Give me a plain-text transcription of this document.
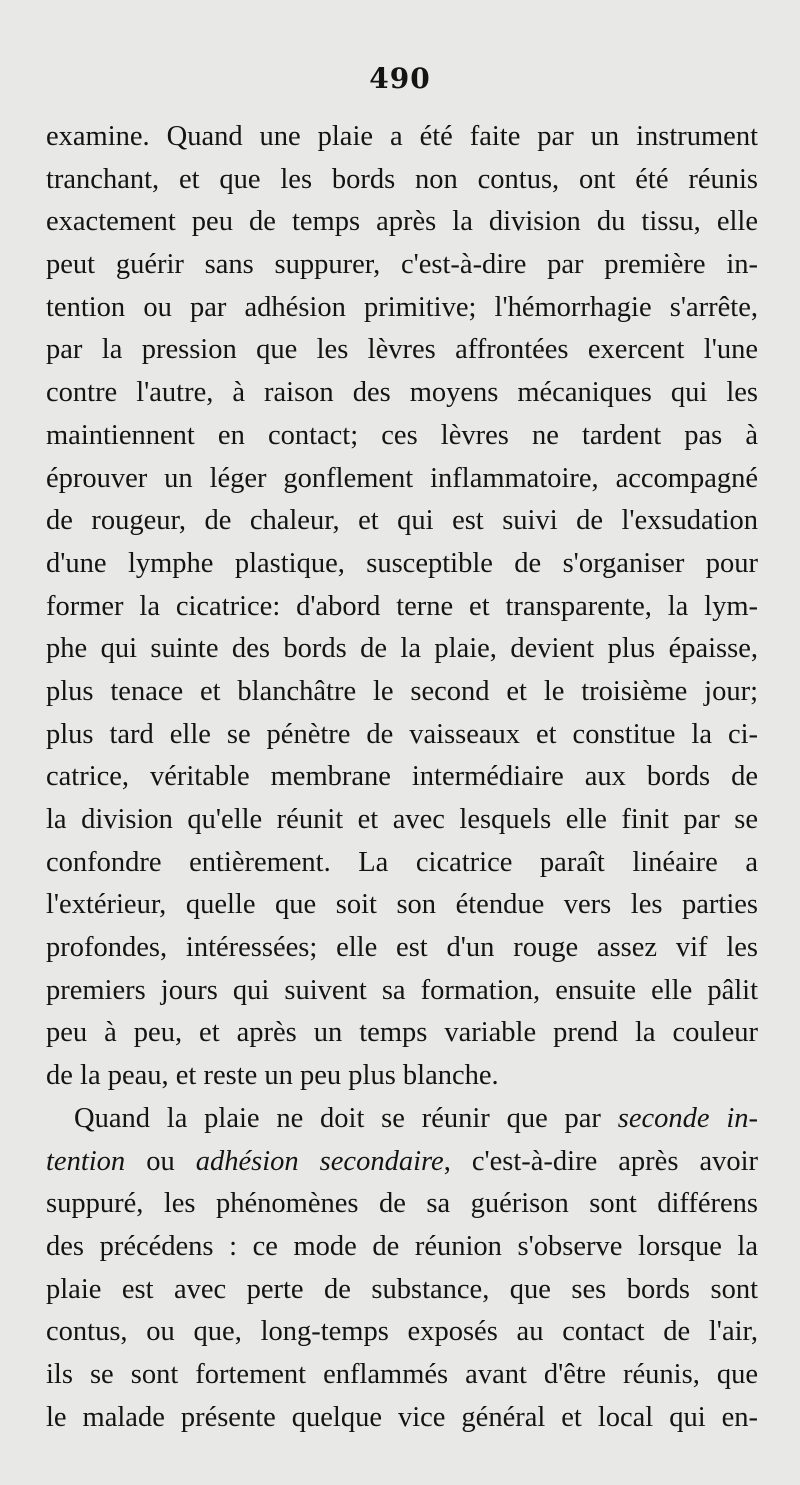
490
examine. Quand une plaie a été faite par un instrument
tranchant, et que les bords non contus, ont été réunis
exactement peu de temps après la division du tissu, elle
peut guérir sans suppurer, c'est-à-dire par première in-
tention ou par adhésion primitive; l'hémorrhagie s'arrête,
par la pression que les lèvres affrontées exercent l'une
contre l'autre, à raison des moyens mécaniques qui les
maintiennent en contact; ces lèvres ne tardent pas à
éprouver un léger gonflement inflammatoire, accompagné
de rougeur, de chaleur, et qui est suivi de l'exsudation
d'une lymphe plastique, susceptible de s'organiser pour
former la cicatrice: d'abord terne et transparente, la lym-
phe qui suinte des bords de la plaie, devient plus épaisse,
plus tenace et blanchâtre le second et le troisième jour;
plus tard elle se pénètre de vaisseaux et constitue la ci-
catrice, véritable membrane intermédiaire aux bords de
la division qu'elle réunit et avec lesquels elle finit par se
confondre entièrement. La cicatrice paraît linéaire a
l'extérieur, quelle que soit son étendue vers les parties
profondes, intéressées; elle est d'un rouge assez vif les
premiers jours qui suivent sa formation, ensuite elle pâlit
peu à peu, et après un temps variable prend la couleur
de la peau, et reste un peu plus blanche.
Quand la plaie ne doit se réunir que par seconde in-
tention ou adhésion secondaire, c'est-à-dire après avoir
suppuré, les phénomènes de sa guérison sont différens
des précédens : ce mode de réunion s'observe lorsque la
plaie est avec perte de substance, que ses bords sont
contus, ou que, long-temps exposés au contact de l'air,
ils se sont fortement enflammés avant d'être réunis, que
le malade présente quelque vice général et local qui en-
